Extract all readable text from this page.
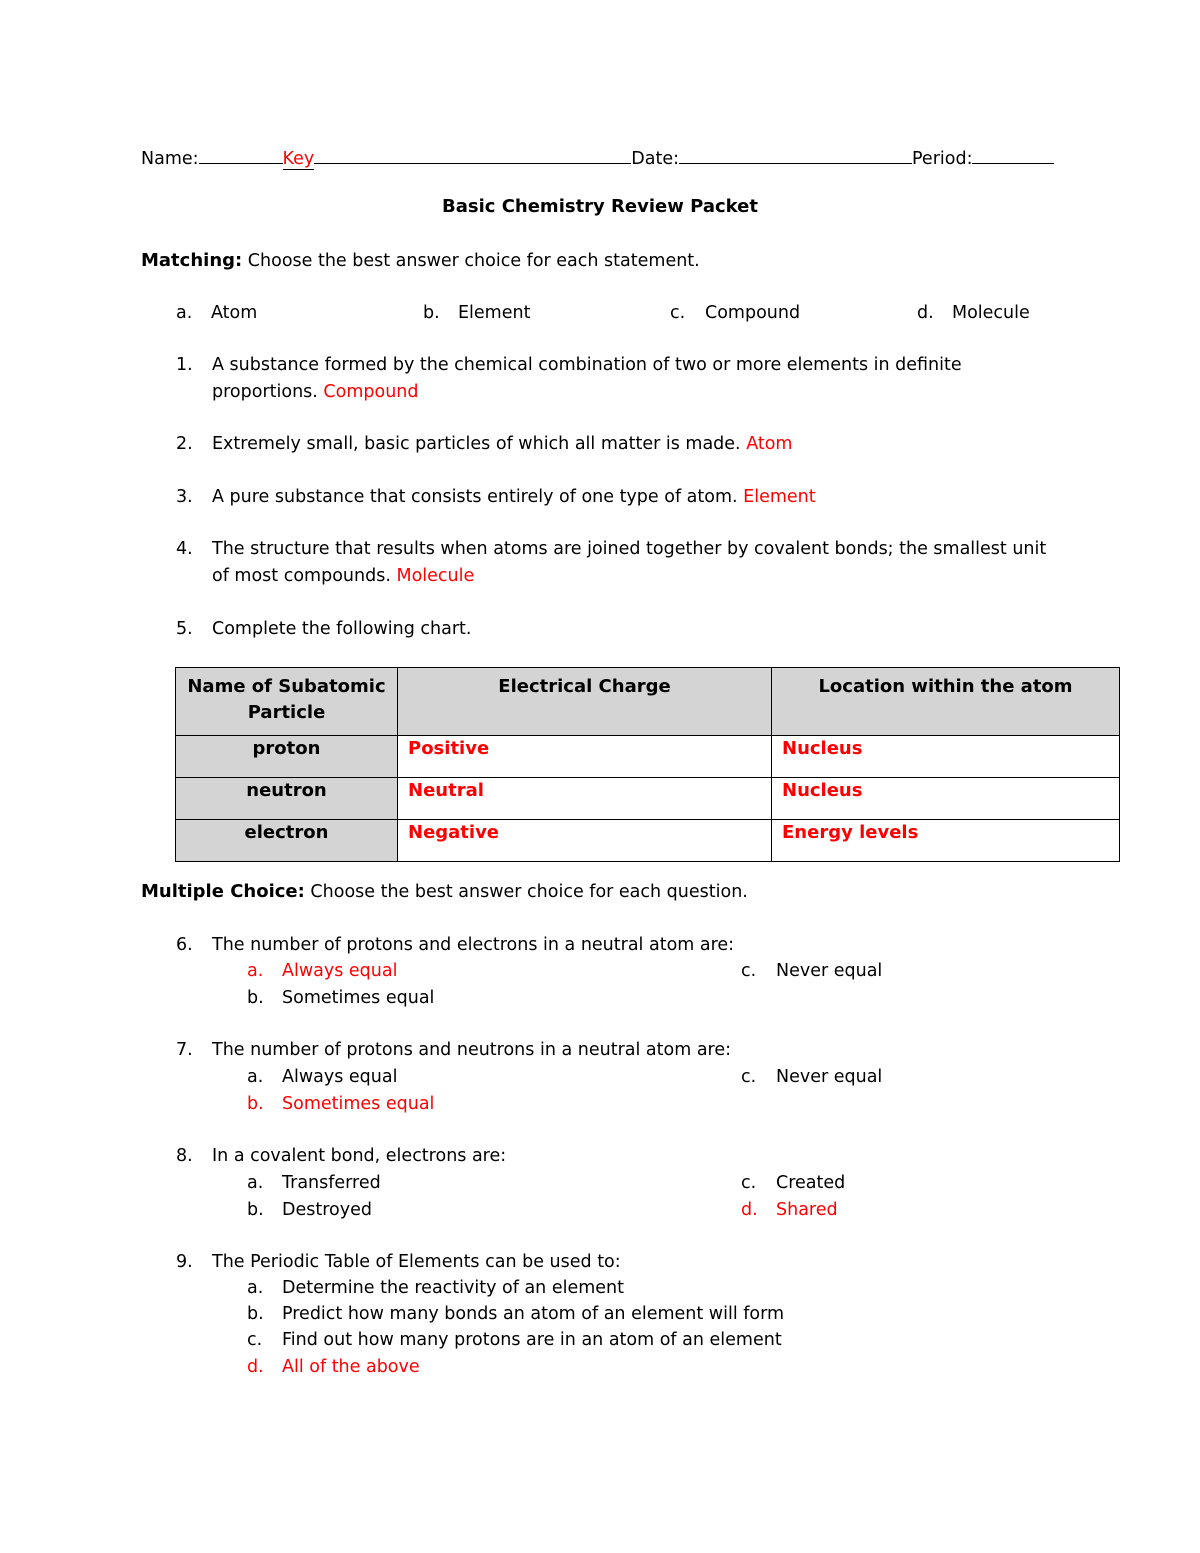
Name:	Key	Date:	Period:
Basic Chemistry Review Packet
Matching: Choose the best answer choice for each statement.
a. Atom	b. Element	c. Compound	d. Molecule
1. A substance formed by the chemical combination of two or more elements in definite
proportions. Compound
2. Extremely small, basic particles of which all matter is made. Atom
3. A pure substance that consists entirely of one type of atom. Element
4. The structure that results when atoms are joined together by covalent bonds; the smallest unit
of most compounds. Molecule
5. Complete the following chart.
Name of Subatomic Particle	Electrical Charge	Location within the atom
proton	Positive	Nucleus
neutron	Neutral	Nucleus
electron	Negative	Energy levels
Multiple Choice: Choose the best answer choice for each question.
6. The number of protons and electrons in a neutral atom are:
a. Always equal	c. Never equal
b. Sometimes equal
7. The number of protons and neutrons in a neutral atom are:
a. Always equal	c. Never equal
b. Sometimes equal
8. In a covalent bond, electrons are:
a. Transferred	c. Created
b. Destroyed	d. Shared
9. The Periodic Table of Elements can be used to:
a. Determine the reactivity of an element
b. Predict how many bonds an atom of an element will form
c. Find out how many protons are in an atom of an element
d. All of the above
